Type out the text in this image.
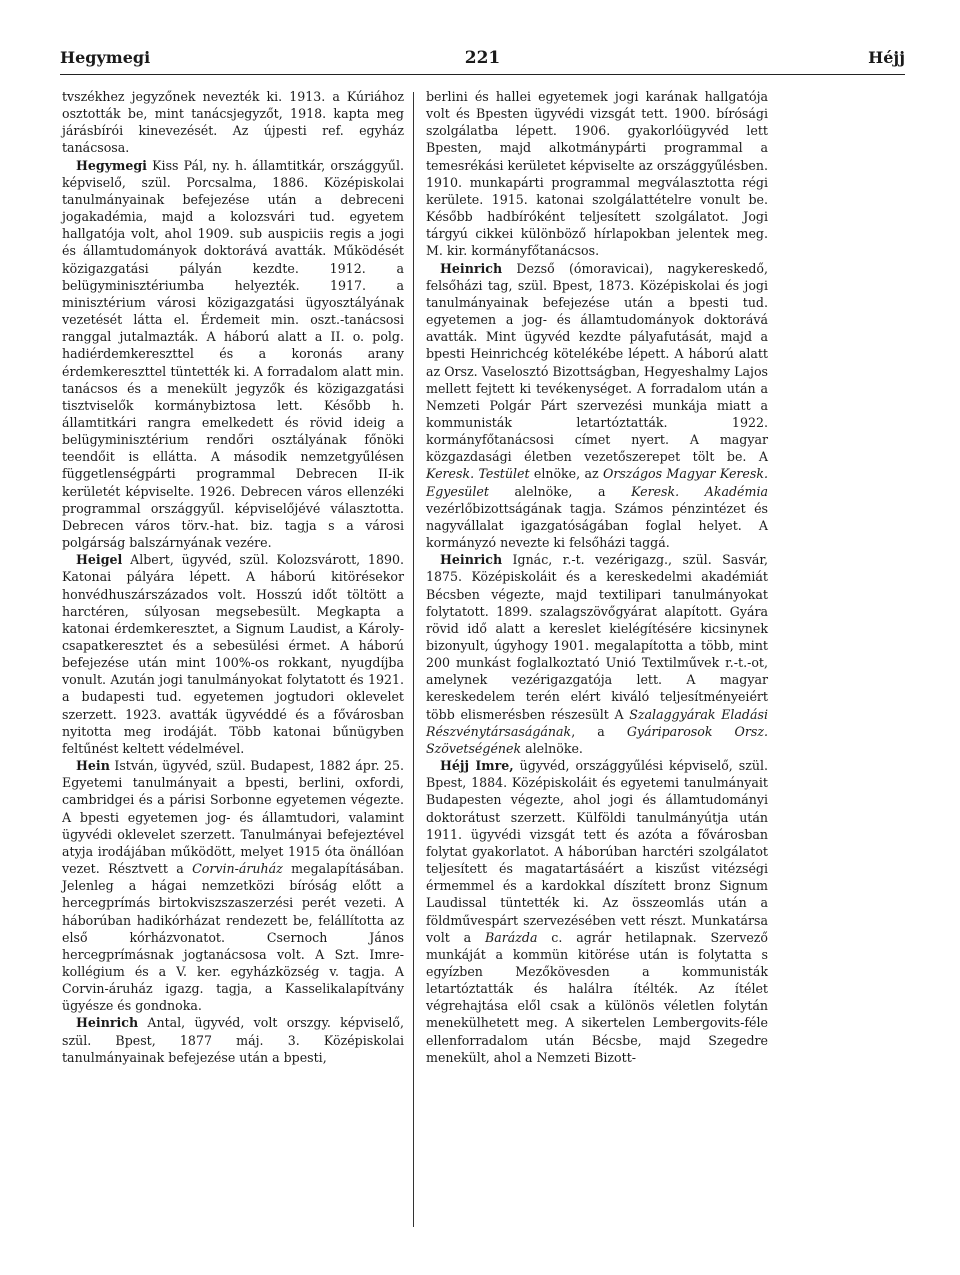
Hegymegi	221	Héjj

tvszékhez jegyzőnek nevezték ki. 1913. a Kúriához osztották be, mint tanácsjegyzőt, 1918. kapta meg járásbírói kinevezését. Az újpesti ref. egyház tanácsosa.

Hegymegi Kiss Pál, ny. h. államtitkár, országgyűl. képviselő, szül. Porcsalma, 1886. Középiskolai tanulmányainak befejezése után a debreceni jogakadémia, majd a kolozsvári tud. egyetem hallgatója volt, ahol 1909. sub auspiciis regis a jogi és államtudományok doktorává avatták. Működését közigazgatási pályán kezdte. 1912. a belügyminisztériumba helyezték. 1917. a minisztérium városi közigazgatási ügyosztályának vezetését látta el. Érdemeit min. oszt.-tanácsosi ranggal jutalmazták. A háború alatt a II. o. polg. hadiérdemkereszttel és a koronás arany érdemkereszttel tüntették ki. A forradalom alatt min. tanácsos és a menekült jegyzők és közigazgatási tisztviselők kormánybiztosa lett. Később h. államtitkári rangra emelkedett és rövid ideig a belügyminisztérium rendőri osztályának főnöki teendőit is ellátta. A második nemzetgyűlésen függetlenségpárti programmal Debrecen II-ik kerületét képviselte. 1926. Debrecen város ellenzéki programmal országgyűl. képviselőjévé választotta. Debrecen város törv.-hat. biz. tagja s a városi polgárság balszárnyának vezére.

Heigel Albert, ügyvéd, szül. Kolozsvárott, 1890. Katonai pályára lépett. A háború kitörésekor honvédhuszárszázados volt. Hosszú időt töltött a harctéren, súlyosan megsebesült. Megkapta a katonai érdemkeresztet, a Signum Laudist, a Károly-csapatkeresztet és a sebesülési érmet. A háború befejezése után mint 100%-os rokkant, nyugdíjba vonult. Azután jogi tanulmányokat folytatott és 1921. a budapesti tud. egyetemen jogtudori oklevelet szerzett. 1923. avatták ügyvéddé és a fővárosban nyitotta meg irodáját. Több katonai bűnügyben feltűnést keltett védelmével.

Hein István, ügyvéd, szül. Budapest, 1882 ápr. 25. Egyetemi tanulmányait a bpesti, berlini, oxfordi, cambridgei és a párisi Sorbonne egyetemen végezte. A bpesti egyetemen jog- és államtudori, valamint ügyvédi oklevelet szerzett. Tanulmányai befejeztével atyja irodájában működött, melyet 1915 óta önállóan vezet. Résztvett a Corvin-áruház megalapításában. Jelenleg a hágai nemzetközi bíróság előtt a hercegprímás birtokviszszaszerzési perét vezeti. A háborúban hadikórházat rendezett be, felállította az első kórházvonatot. Csernoch János hercegprímásnak jogtanácsosa volt. A Szt. Imre-kollégium és a V. ker. egyházközség v. tagja. A Corvin-áruház igazg. tagja, a Kasselikalapítvány ügyésze és gondnoka.

Heinrich Antal, ügyvéd, volt orszgy. képviselő, szül. Bpest, 1877 máj. 3. Középiskolai tanulmányainak befejezése után a bpesti,

berlini és hallei egyetemek jogi karának hallgatója volt és Bpesten ügyvédi vizsgát tett. 1900. bírósági szolgálatba lépett. 1906. gyakorlóügyvéd lett Bpesten, majd alkotmánypárti programmal a temesrékási kerületet képviselte az országgyűlésben. 1910. munkapárti programmal megválasztotta régi kerülete. 1915. katonai szolgálattételre vonult be. Később hadbíróként teljesített szolgálatot. Jogi tárgyú cikkei különböző hírlapokban jelentek meg. M. kir. kormányfőtanácsos.

Heinrich Dezső (ómoravicai), nagykereskedő, felsőházi tag, szül. Bpest, 1873. Középiskolai és jogi tanulmányainak befejezése után a bpesti tud. egyetemen a jog- és államtudományok doktorává avatták. Mint ügyvéd kezdte pályafutását, majd a bpesti Heinrichcég kötelékébe lépett. A háború alatt az Orsz. Vaselosztó Bizottságban, Hegyeshalmy Lajos mellett fejtett ki tevékenységet. A forradalom után a Nemzeti Polgár Párt szervezési munkája miatt a kommunisták letartóztatták. 1922. kormányfőtanácsosi címet nyert. A magyar közgazdasági életben vezetőszerepet tölt be. A Keresk. Testület elnöke, az Országos Magyar Keresk. Egyesület alelnöke, a Keresk. Akadémia vezérlőbizottságának tagja. Számos pénzintézet és nagyvállalat igazgatóságában foglal helyet. A kormányzó nevezte ki felsőházi taggá.

Heinrich Ignác, r.-t. vezérigazg., szül. Sasvár, 1875. Középiskoláit és a kereskedelmi akadémiát Bécsben végezte, majd textilipari tanulmányokat folytatott. 1899. szalagszövőgyárat alapított. Gyára rövid idő alatt a kereslet kielégítésére kicsinynek bizonyult, úgyhogy 1901. megalapította a több, mint 200 munkást foglalkoztató Unió Textilművek r.-t.-ot, amelynek vezérigazgatója lett. A magyar kereskedelem terén elért kiváló teljesítményeiért több elismerésben részesült A Szalaggyárak Eladási Részvénytársaságának, a Gyáriparosok Orsz. Szövetségének alelnöke.

Héjj Imre, ügyvéd, országgyűlési képviselő, szül. Bpest, 1884. Középiskoláit és egyetemi tanulmányait Budapesten végezte, ahol jogi és államtudományi doktorátust szerzett. Külföldi tanulmányútja után 1911. ügyvédi vizsgát tett és azóta a fővárosban folytat gyakorlatot. A háborúban harctéri szolgálatot teljesített és magatartásáért a kiszűst vitézségi érmemmel és a kardokkal díszített bronz Signum Laudissal tüntették ki. Az összeomlás után a földművespárt szervezésében vett részt. Munkatársa volt a Barázda c. agrár hetilapnak. Szervező munkáját a kommün kitörése után is folytatta s egyízben Mezőkövesden a kommunisták letartóztatták és halálra ítélték. Az ítélet végrehajtása elől csak a különös véletlen folytán menekülhetett meg. A sikertelen Lembergovits-féle ellenforradalom után Bécsbe, majd Szegedre menekült, ahol a Nemzeti Bizott-
